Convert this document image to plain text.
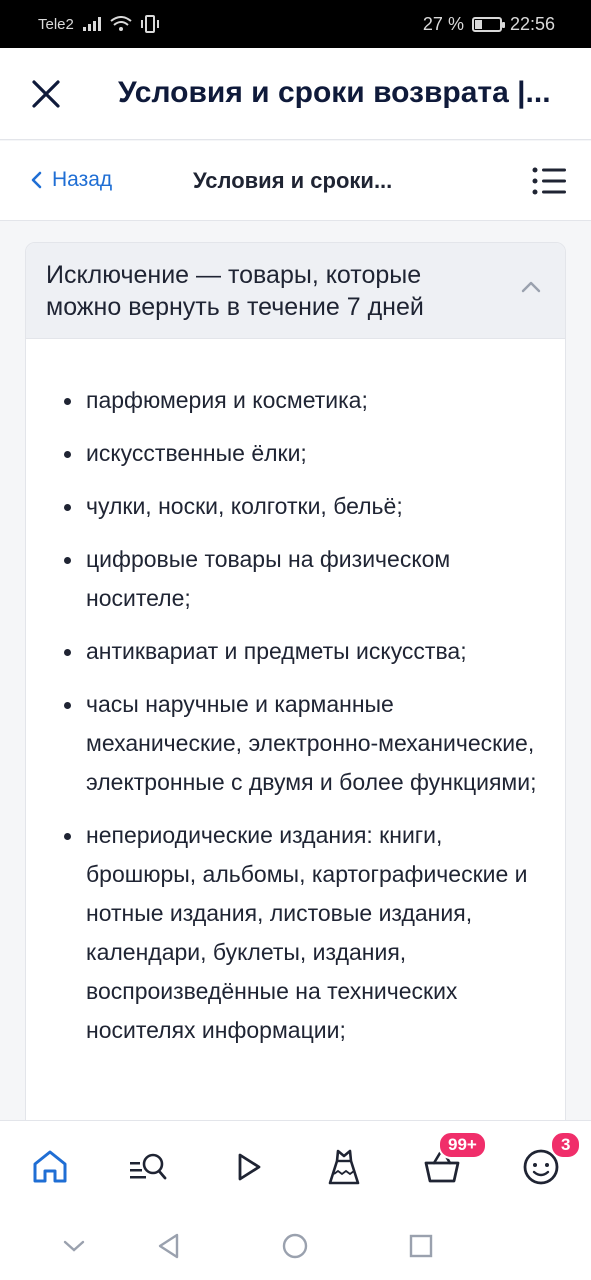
Tele2	27 %	22:56
Условия и сроки возврата |...
Назад	Условия и сроки...
Исключение — товары, которые можно вернуть в течение 7 дней
парфюмерия и косметика;
искусственные ёлки;
чулки, носки, колготки, бельё;
цифровые товары на физическом носителе;
антиквариат и предметы искусства;
часы наручные и карманные механические, электронно-механические, электронные с двумя и более функциями;
непериодические издания: книги, брошюры, альбомы, картографические и нотные издания, листовые издания, календари, буклеты, издания, воспроизведённые на технических носителях информации;
99+	3
